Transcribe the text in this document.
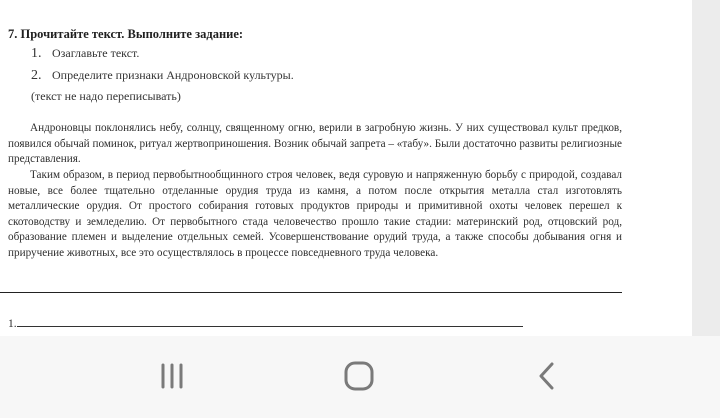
7. Прочитайте текст. Выполните задание:
1. Озаглавьте текст.
2. Определите признаки Андроновской культуры.
(текст не надо переписывать)

Андроновцы поклонялись небу, солнцу, священному огню, верили в загробную жизнь. У них существовал культ предков, появился обычай поминок, ритуал жертвоприношения. Возник обычай запрета – «табу». Были достаточно развиты религиозные представления.

Таким образом, в период первобытнообщинного строя человек, ведя суровую и напряженную борьбу с природой, создавал новые, все более тщательно отделанные орудия труда из камня, а потом после открытия металла стал изготовлять металлические орудия. От простого собирания готовых продуктов природы и примитивной охоты человек перешел к скотоводству и земледелию. От первобытного стада человечество прошло такие стадии: материнский род, отцовский род, образование племен и выделение отдельных семей. Усовершенствование орудий труда, а также способы добывания огня и приручение животных, все это осуществлялось в процессе повседневного труда человека.

1.
